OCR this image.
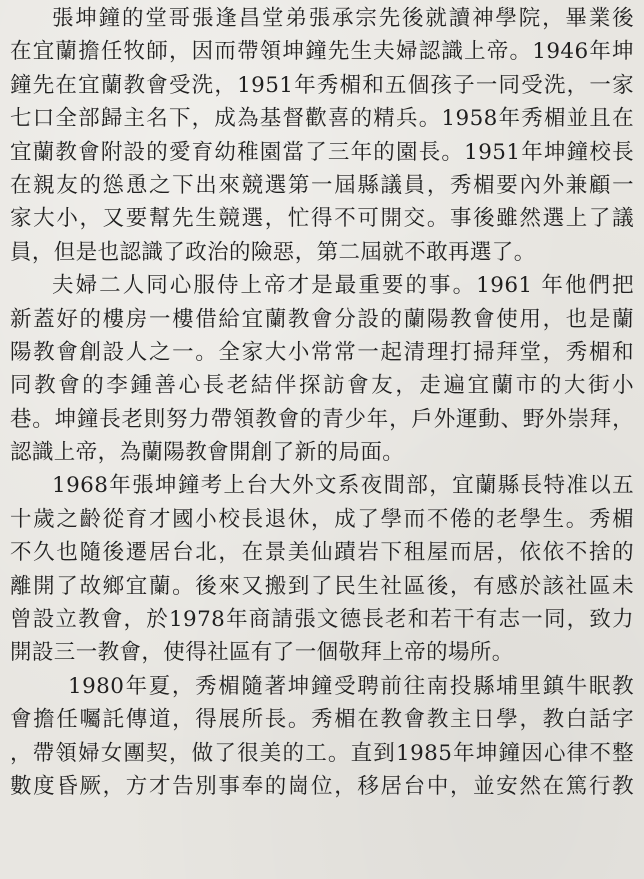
張坤鐘的堂哥張逢昌堂弟張承宗先後就讀神學院，畢業後
在宜蘭擔任牧師，因而帶領坤鐘先生夫婦認識上帝。1946年坤
鐘先在宜蘭教會受洗，1951年秀楣和五個孩子一同受洗，一家
七口全部歸主名下，成為基督歡喜的精兵。1958年秀楣並且在
宜蘭教會附設的愛育幼稚園當了三年的園長。1951年坤鐘校長
在親友的慫恿之下出來競選第一屆縣議員，秀楣要內外兼顧一
家大小，又要幫先生競選，忙得不可開交。事後雖然選上了議
員，但是也認識了政治的險惡，第二屆就不敢再選了。
夫婦二人同心服侍上帝才是最重要的事。1961 年他們把
新蓋好的樓房一樓借給宜蘭教會分設的蘭陽教會使用，也是蘭
陽教會創設人之一。全家大小常常一起清理打掃拜堂，秀楣和
同教會的李鍾善心長老結伴探訪會友，走遍宜蘭市的大街小
巷。坤鐘長老則努力帶領教會的青少年，戶外運動、野外崇拜，
認識上帝，為蘭陽教會開創了新的局面。
1968年張坤鐘考上台大外文系夜間部，宜蘭縣長特准以五
十歲之齡從育才國小校長退休，成了學而不倦的老學生。秀楣
不久也隨後遷居台北，在景美仙蹟岩下租屋而居，依依不捨的
離開了故鄉宜蘭。後來又搬到了民生社區後，有感於該社區未
曾設立教會，於1978年商請張文德長老和若干有志一同，致力
開設三一教會，使得社區有了一個敬拜上帝的場所。
1980年夏，秀楣隨著坤鐘受聘前往南投縣埔里鎮牛眠教
會擔任囑託傳道，得展所長。秀楣在教會教主日學，教白話字
，帶領婦女團契，做了很美的工。直到1985年坤鐘因心律不整
數度昏厥，方才告別事奉的崗位，移居台中，並安然在篤行教
